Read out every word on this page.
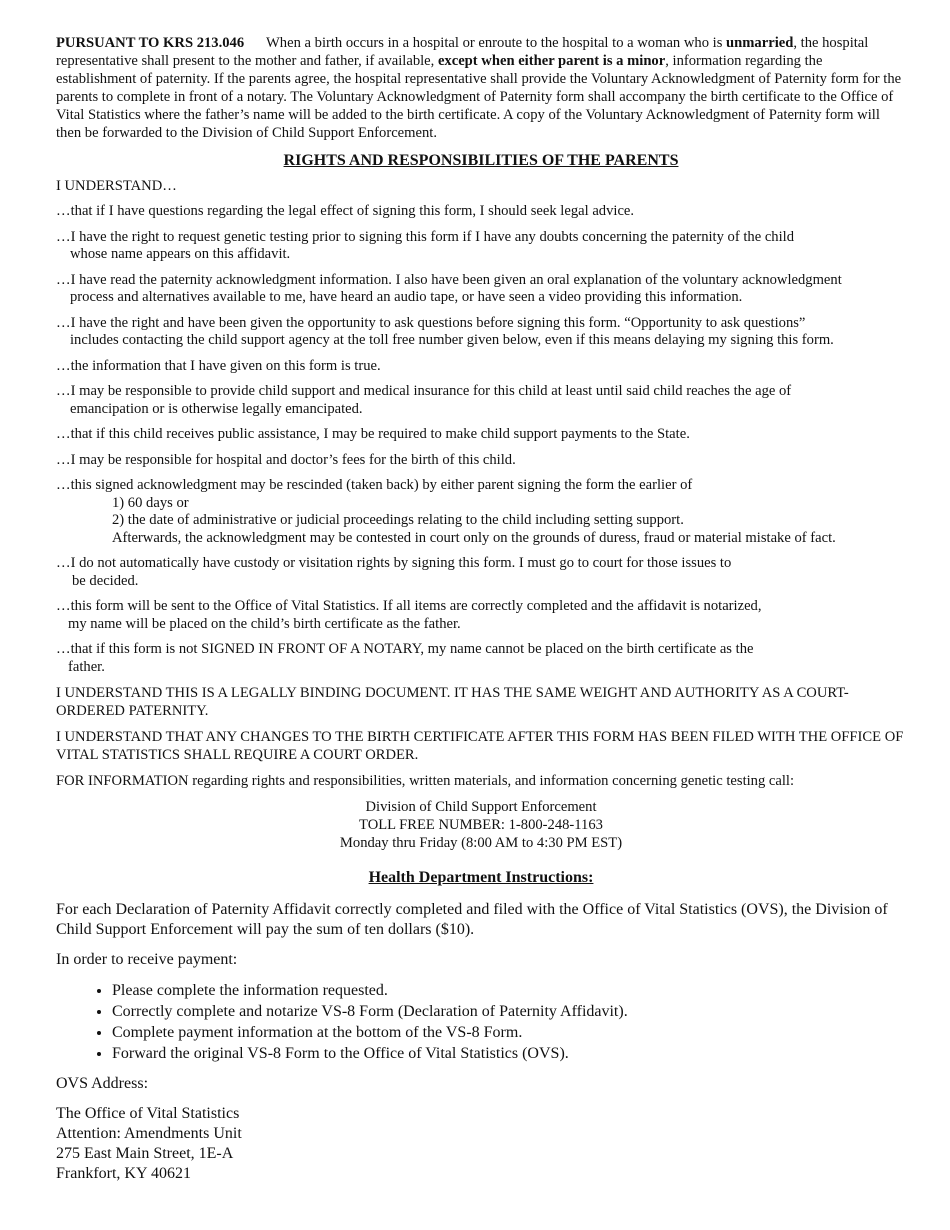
PURSUANT TO KRS 213.046 When a birth occurs in a hospital or enroute to the hospital to a woman who is unmarried, the hospital representative shall present to the mother and father, if available, except when either parent is a minor, information regarding the establishment of paternity. If the parents agree, the hospital representative shall provide the Voluntary Acknowledgment of Paternity form for the parents to complete in front of a notary. The Voluntary Acknowledgment of Paternity form shall accompany the birth certificate to the Office of Vital Statistics where the father’s name will be added to the birth certificate. A copy of the Voluntary Acknowledgment of Paternity form will then be forwarded to the Division of Child Support Enforcement.

RIGHTS AND RESPONSIBILITIES OF THE PARENTS
I UNDERSTAND…
…that if I have questions regarding the legal effect of signing this form, I should seek legal advice.
…I have the right to request genetic testing prior to signing this form if I have any doubts concerning the paternity of the child
whose name appears on this affidavit.
…I have read the paternity acknowledgment information. I also have been given an oral explanation of the voluntary acknowledgment
process and alternatives available to me, have heard an audio tape, or have seen a video providing this information.
…I have the right and have been given the opportunity to ask questions before signing this form. “Opportunity to ask questions”
includes contacting the child support agency at the toll free number given below, even if this means delaying my signing this form.
…the information that I have given on this form is true.
…I may be responsible to provide child support and medical insurance for this child at least until said child reaches the age of
emancipation or is otherwise legally emancipated.
…that if this child receives public assistance, I may be required to make child support payments to the State.
…I may be responsible for hospital and doctor’s fees for the birth of this child.
…this signed acknowledgment may be rescinded (taken back) by either parent signing the form the earlier of
1) 60 days or
2) the date of administrative or judicial proceedings relating to the child including setting support.
Afterwards, the acknowledgment may be contested in court only on the grounds of duress, fraud or material mistake of fact.
…I do not automatically have custody or visitation rights by signing this form. I must go to court for those issues to
be decided.
…this form will be sent to the Office of Vital Statistics. If all items are correctly completed and the affidavit is notarized,
my name will be placed on the child’s birth certificate as the father.
…that if this form is not SIGNED IN FRONT OF A NOTARY, my name cannot be placed on the birth certificate as the
father.
I UNDERSTAND THIS IS A LEGALLY BINDING DOCUMENT. IT HAS THE SAME WEIGHT AND AUTHORITY AS A COURT-ORDERED PATERNITY.
I UNDERSTAND THAT ANY CHANGES TO THE BIRTH CERTIFICATE AFTER THIS FORM HAS BEEN FILED WITH THE OFFICE OF VITAL STATISTICS SHALL REQUIRE A COURT ORDER.
FOR INFORMATION regarding rights and responsibilities, written materials, and information concerning genetic testing call:
Division of Child Support Enforcement
TOLL FREE NUMBER: 1-800-248-1163
Monday thru Friday (8:00 AM to 4:30 PM EST)
Health Department Instructions:
For each Declaration of Paternity Affidavit correctly completed and filed with the Office of Vital Statistics (OVS), the Division of Child Support Enforcement will pay the sum of ten dollars ($10).
In order to receive payment:
• Please complete the information requested.
• Correctly complete and notarize VS-8 Form (Declaration of Paternity Affidavit).
• Complete payment information at the bottom of the VS-8 Form.
• Forward the original VS-8 Form to the Office of Vital Statistics (OVS).
OVS Address:
The Office of Vital Statistics
Attention: Amendments Unit
275 East Main Street, 1E-A
Frankfort, KY 40621
